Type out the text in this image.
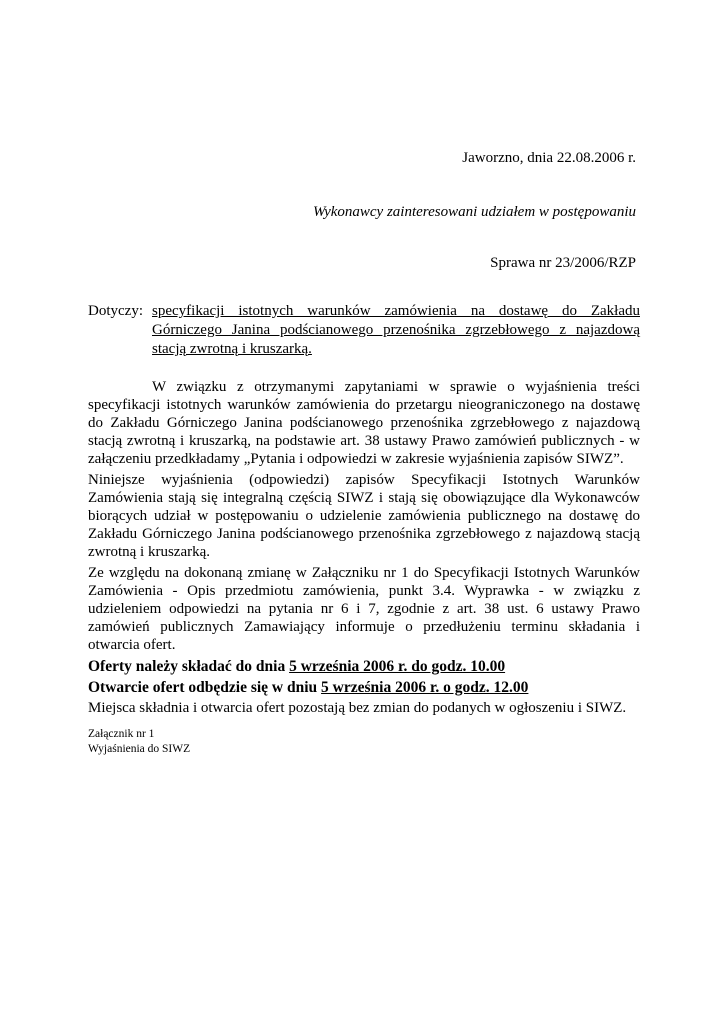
Jaworzno, dnia 22.08.2006 r.
Wykonawcy zainteresowani udziałem w postępowaniu
Sprawa nr 23/2006/RZP
Dotyczy: specyfikacji istotnych warunków zamówienia na dostawę do Zakładu Górniczego Janina podścianowego przenośnika zgrzebłowego z najazdową stacją zwrotną i kruszarką.

W związku z otrzymanymi zapytaniami w sprawie o wyjaśnienia treści specyfikacji istotnych warunków zamówienia do przetargu nieograniczonego na dostawę do Zakładu Górniczego Janina podścianowego przenośnika zgrzebłowego z najazdową stacją zwrotną i kruszarką, na podstawie art. 38 ustawy Prawo zamówień publicznych - w załączeniu przedkładamy „Pytania i odpowiedzi w zakresie wyjaśnienia zapisów SIWZ”.

Niniejsze wyjaśnienia (odpowiedzi) zapisów Specyfikacji Istotnych Warunków Zamówienia stają się integralną częścią SIWZ i stają się obowiązujące dla Wykonawców biorących udział w postępowaniu o udzielenie zamówienia publicznego na dostawę do Zakładu Górniczego Janina podścianowego przenośnika zgrzebłowego z najazdową stacją zwrotną i kruszarką.

Ze względu na dokonaną zmianę w Załączniku nr 1 do Specyfikacji Istotnych Warunków Zamówienia - Opis przedmiotu zamówienia, punkt 3.4. Wyprawka - w związku z udzieleniem odpowiedzi na pytania nr 6 i 7, zgodnie z art. 38 ust. 6 ustawy Prawo zamówień publicznych Zamawiający informuje o przedłużeniu terminu składania i otwarcia ofert.

Oferty należy składać do dnia 5 września 2006 r. do godz. 10.00

Otwarcie ofert odbędzie się w dniu 5 września 2006 r. o godz. 12.00

Miejsca składnia i otwarcia ofert pozostają bez zmian do podanych w ogłoszeniu i SIWZ.

Załącznik nr 1
Wyjaśnienia do SIWZ
